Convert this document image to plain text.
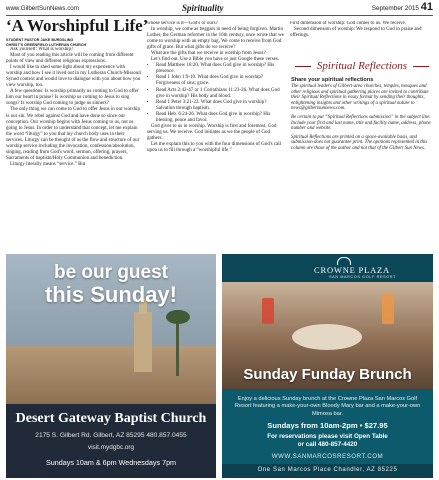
www.GilbertSunNews.com	Spirituality	September 2015 41
‘A Worshipful Life’
STUDENT PASTOR JAKE BURDSLING
CHRIST'S GREENFIELD LUTHERAN CHURCH

Ask yourself: What is worship?

Most of you reading this article will be coming from different points of view and different religious expressions.

I would like to shed some light about my experience with worship and how I see it lived out in my Lutheran Church-Missouri Synod context and would love to dialogue with you about how you view worship, too.

A few questions: Is worship primarily us coming to God to offer him our heart in praise? Is worship us coming to Jesus to sing songs? Is worship God coming to judge us sinners?

The only thing we can come to God to offer Jesus in our worship is our sin. We rebel against God and have done so since our conception. Our worship begins with Jesus coming to us, not us going to Jesus. In order to understand that concept, let me explain the word “liturgy” to you that my church body uses in their services. Liturgy can be thought of as the flow and structure of our worship service including the invocation, confession/absolution, singing, reading from God's word, sermon, offering, prayers, Sacraments of baptism/Holy Communion and benediction.

Liturgy literally means “service.” But

whose service is it—God's or ours?

In worship, we come as beggars in need of being forgiven. Martin Luther, the German reformer in the 16th century, once wrote that we come to worship with an empty bag. We come to receive from God gifts of grace. But what gifts do we receive?

What are the gifts that we receive in worship from Jesus?

Let's find out. Use a Bible you have or just Google these verses.

• Read Matthew 18:20. What does God give in worship? His presence.
• Read 1 John 1:9-10. What does God give in worship? Forgiveness of sins; grace.
• Read Acts 2:42-47 or 1 Corinthians 11:23-26. What does God give in worship? His body and blood.
• Read 1 Peter 3:21-22. What does God give in worship? Salvation through baptism.
• Read Heb. 6:24-26. What does God give in worship? His blessing, peace and favor.

God gives to us in worship. Worship is first and foremost, God serving us. We receive. God initiates as we the people of God gathers.

Let me explain this to you with the four dimensions of God's call upon us to fill through a “worshipful life.”

First dimension of worship: God comes to us. We receive.

Second dimension of worship: We respond to God in praise and offerings.

Spiritual Reflections
Share your spiritual reflections

The spiritual leaders of Gilbert-area churches, temples, mosques and other religious and spiritual gathering places are invited to contribute their Spiritual Reflections in essay format by sending their thoughts, enlightening insights and other writings of a spiritual nature to news@gilbertsunnews.com.

Be certain to put “Spiritual Reflections submission” in the subject line. Include your first and last name, title and facility name, address, phone number and website.

Spiritual Reflections are printed on a space-available basis, and submission does not guarantee print. The opinions represented in this column are those of the author and not that of the Gilbert Sun News.

be our guest
this Sunday!
Desert Gateway Baptist Church
2175 S. Gilbert Rd. Gilbert, AZ 85295 480.857.0455
visit.mydgbc.org
Sundays 10am & 6pm Wednesdays 7pm
CROWNE PLAZA
SAN MARCOS GOLF RESORT
Sunday Funday Brunch
Enjoy a delicious Sunday brunch at the Crowne Plaza San Marcos Golf Resort featuring a make-your-own Bloody Mary bar and a make-your-own Mimosa bar.
Sundays from 10am-2pm • $27.95
For reservations please visit Open Table
or call 480-857-4420
WWW.SANMARCOSRESORT.COM
One San Marcos Place Chandler, AZ 85225
